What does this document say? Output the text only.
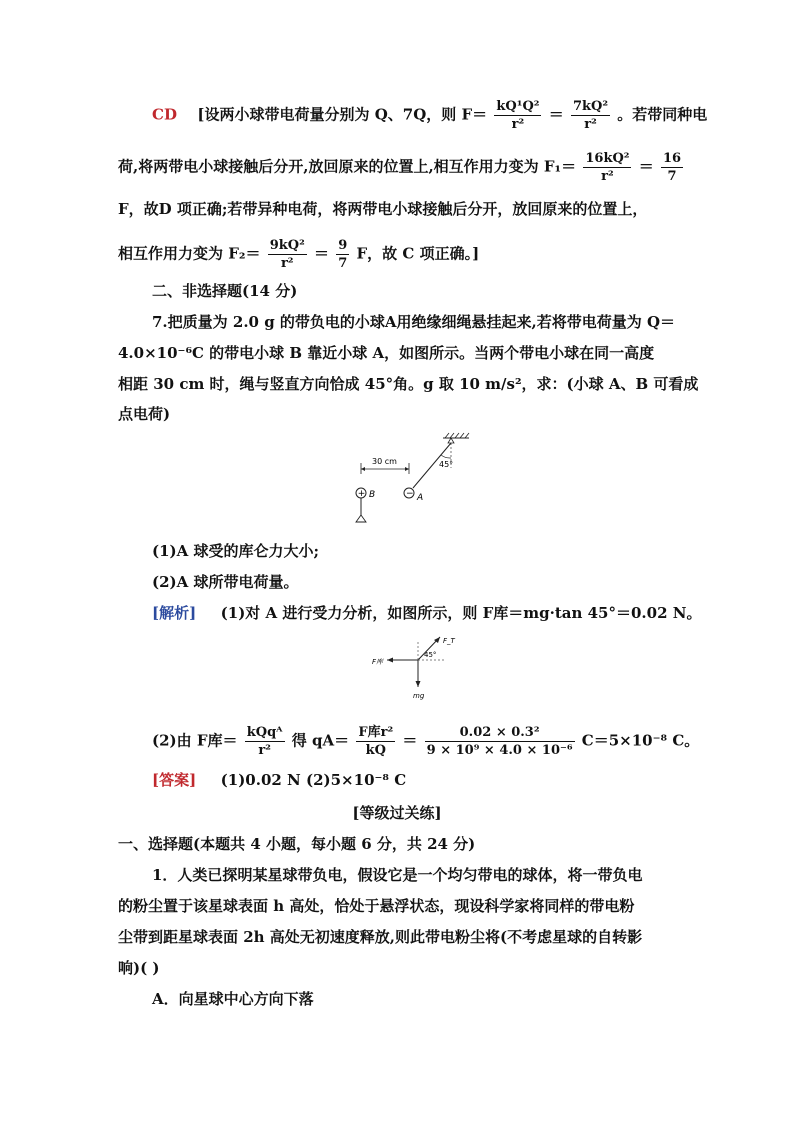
CD [设两小球带电荷量分别为 Q、7Q，则 $F= \frac{\text{kQ¹Q²}}{\text{r²}} = \frac{\text{7kQ²}}{\text{r²}}$ 。若带同种电
荷,将两带电小球接触后分开,放回原来的位置上,相互作用力变为 $F_1= \frac{\text{16kQ²}}{\text{r²}} = \frac{16}{7}$
F，故D 项正确;若带异种电荷，将两带电小球接触后分开，放回原来的位置上，
相互作用力变为 $F_2= \frac{\text{9kQ²}}{\text{r²}} = \frac{9}{7}$ F，故 C 项正确。]
二、非选择题(14 分)
7.把质量为 2.0 g 的带负电的小球A用绝缘细绳悬挂起来,若将带电荷量为 Q＝
4.0×10⁻⁶C 的带电小球 B 靠近小球 A，如图所示。当两个带电小球在同一高度
相距 30 cm 时，绳与竖直方向恰成 45°角。g 取 10 m/s²，求：(小球 A、B 可看成
点电荷)
45°
30 cm
+ B	− A
(1)A 球受的库仑力大小;
(2)A 球所带电荷量。
[解析] (1)对 A 进行受力分析，如图所示，则 F库＝mg·tan 45°＝0.02 N。
F_T
45°
F库
mg
(2)由 F库＝ $\frac{\text{kQqᴬ}}{\text{r²}}$ 得 $qA= \frac{\text{F库r²}}{kQ} = \frac{\text{0.02 × 0.3²}}{\text{9 × 10⁹ × 4.0 × 10⁻⁶}} C=5\times 10^{-8}$ C。
[答案] (1)0.02 N (2)5×10⁻⁸ C
[等级过关练]
一、选择题(本题共 4 小题，每小题 6 分，共 24 分)
1．人类已探明某星球带负电，假设它是一个均匀带电的球体，将一带负电
的粉尘置于该星球表面 h 高处，恰处于悬浮状态，现设科学家将同样的带电粉
尘带到距星球表面 2h 高处无初速度释放,则此带电粉尘将(不考虑星球的自转影
响)( )
A．向星球中心方向下落
